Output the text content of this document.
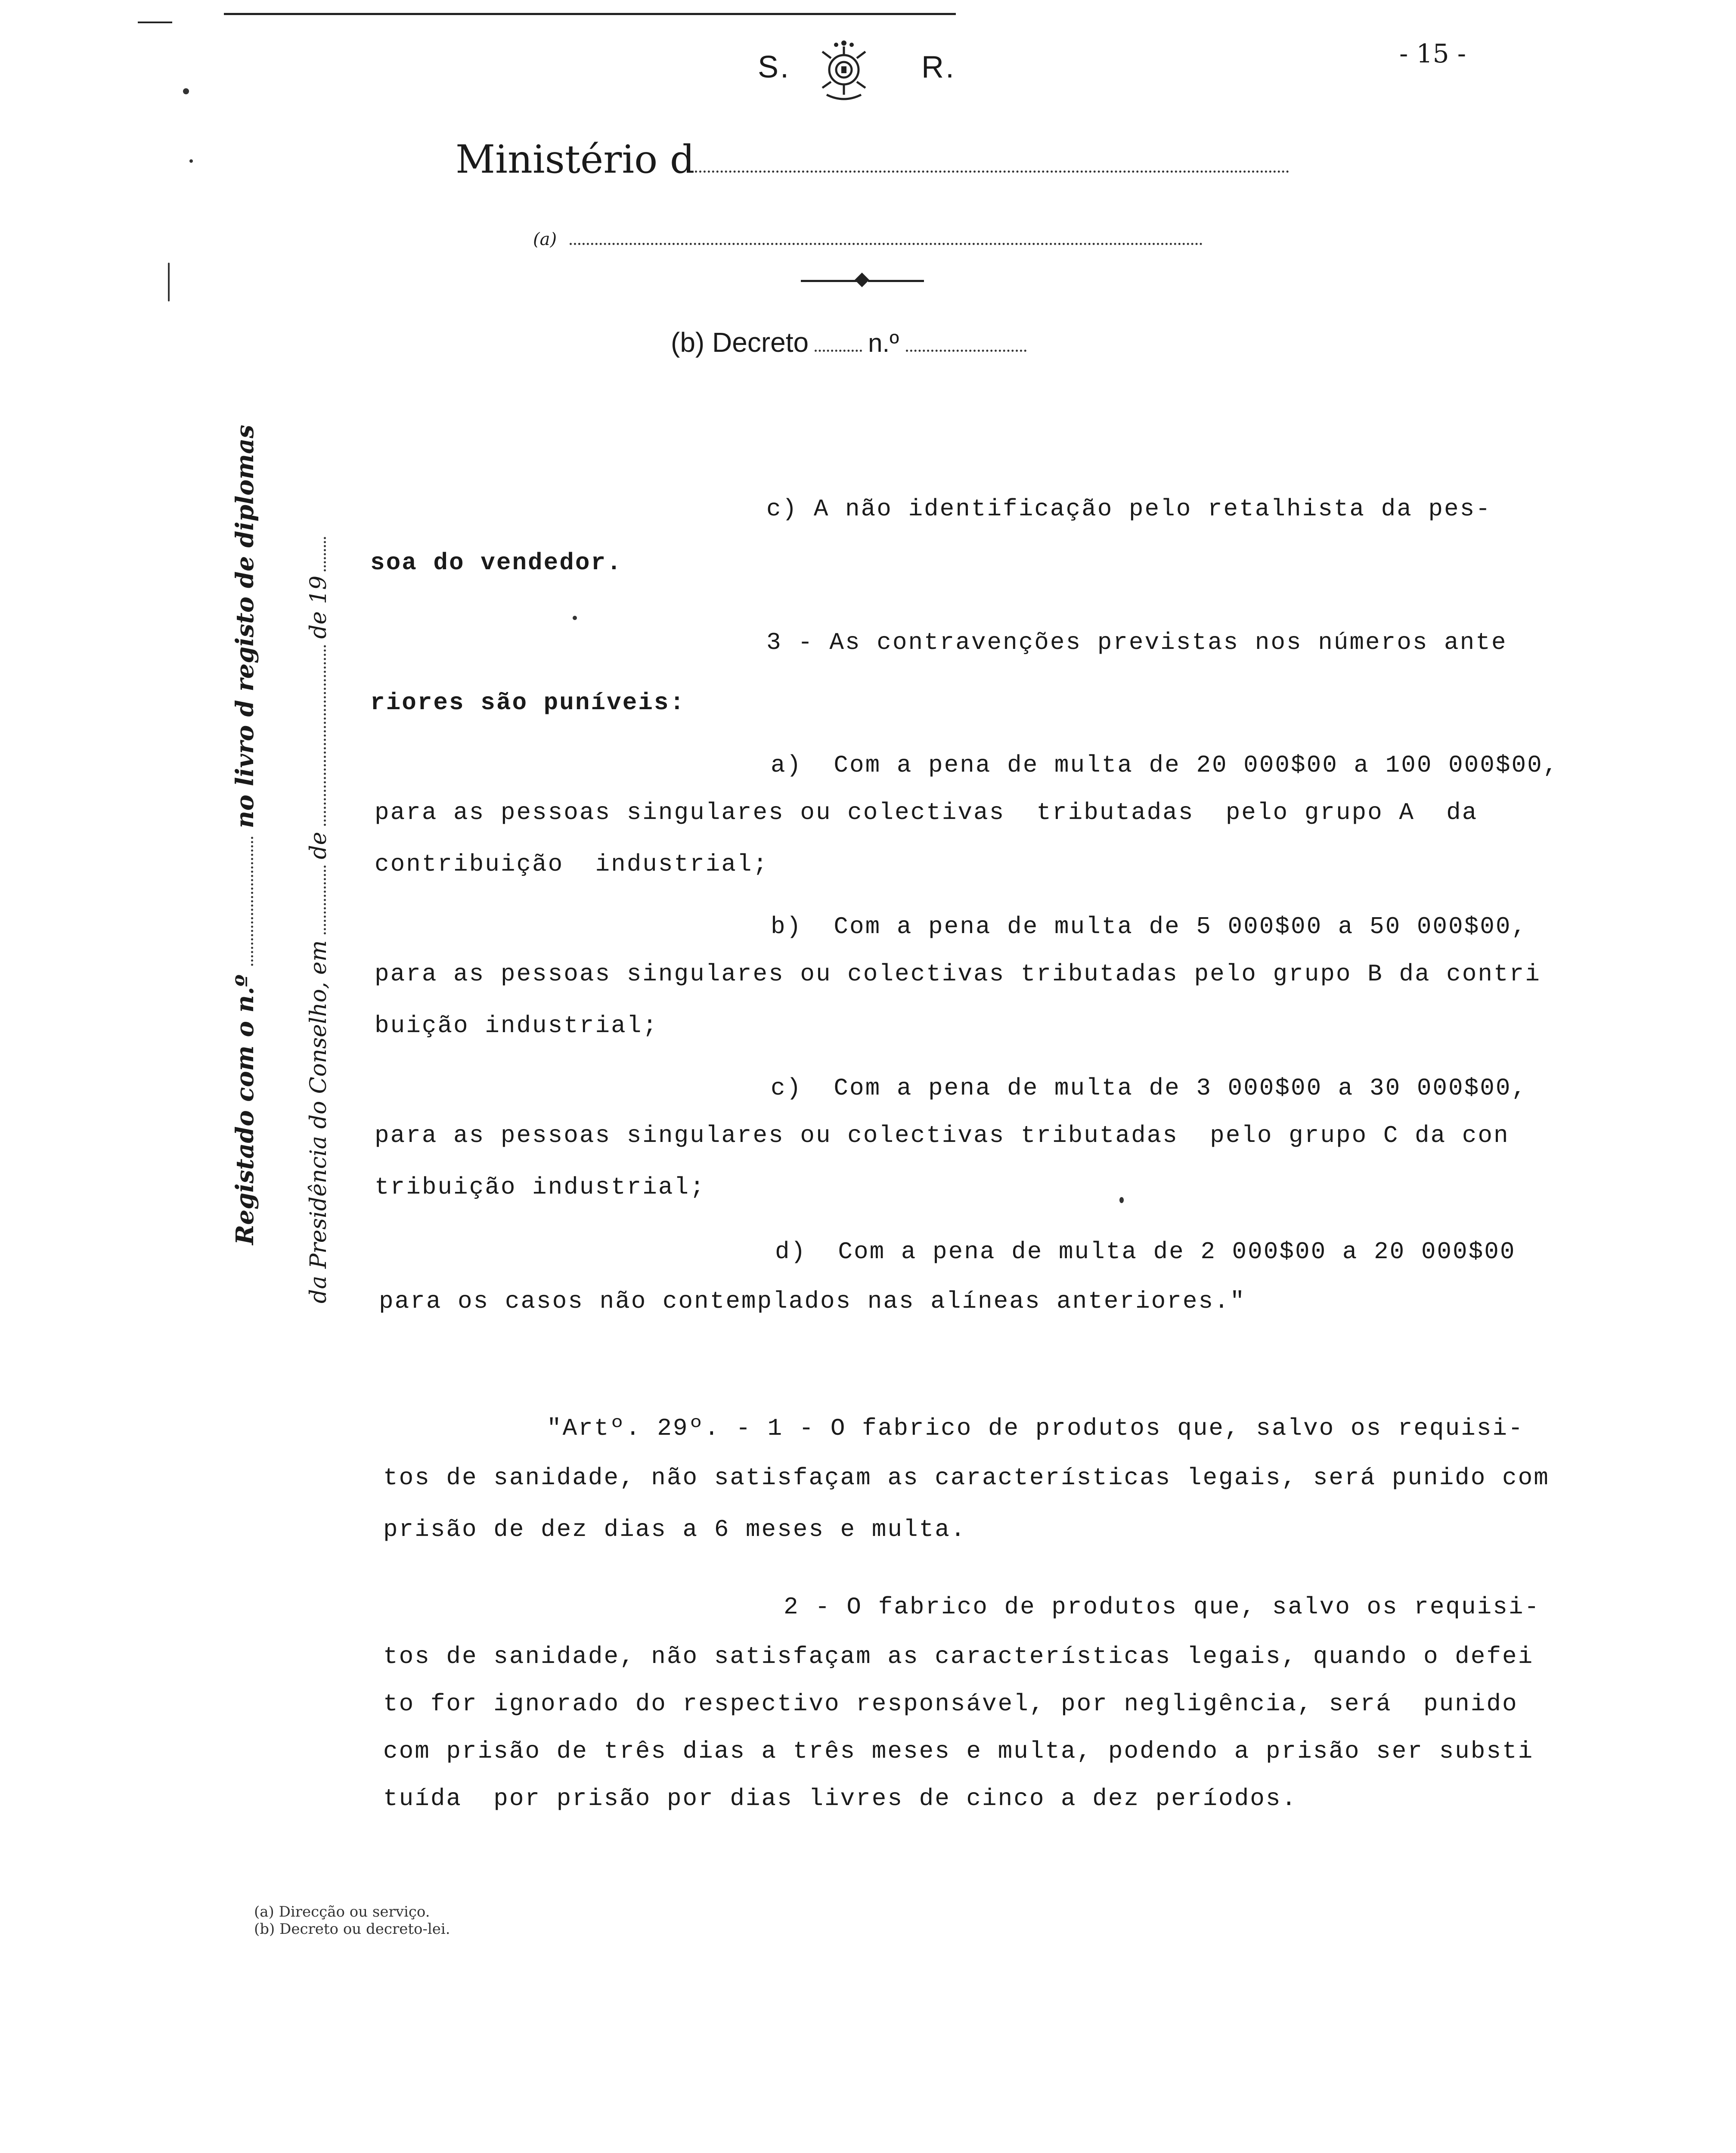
- 15 -
S.	R.

Ministério d

(a)

(b) Decreto n.º

Registado com o n.ºno livro d registo de diplomas

da Presidência do Conselho, emdede 19

c) A não identificação pelo retalhista da pes-
soa do vendedor.
3 - As contravenções previstas nos números ante
riores são puníveis:
a)  Com a pena de multa de 20 000$00 a 100 000$00,
para as pessoas singulares ou colectivas  tributadas  pelo grupo A  da
contribuição  industrial;
b)  Com a pena de multa de 5 000$00 a 50 000$00,
para as pessoas singulares ou colectivas tributadas pelo grupo B da contri
buição industrial;
c)  Com a pena de multa de 3 000$00 a 30 000$00,
para as pessoas singulares ou colectivas tributadas  pelo grupo C da con
tribuição industrial;
d)  Com a pena de multa de 2 000$00 a 20 000$00
para os casos não contemplados nas alíneas anteriores."
"Artº. 29º. - 1 - O fabrico de produtos que, salvo os requisi-
tos de sanidade, não satisfaçam as características legais, será punido com
prisão de dez dias a 6 meses e multa.
2 - O fabrico de produtos que, salvo os requisi-
tos de sanidade, não satisfaçam as características legais, quando o defei
to for ignorado do respectivo responsável, por negligência, será  punido
com prisão de três dias a três meses e multa, podendo a prisão ser substi
tuída  por prisão por dias livres de cinco a dez períodos.
(a) Direcção ou serviço.
(b) Decreto ou decreto-lei.
